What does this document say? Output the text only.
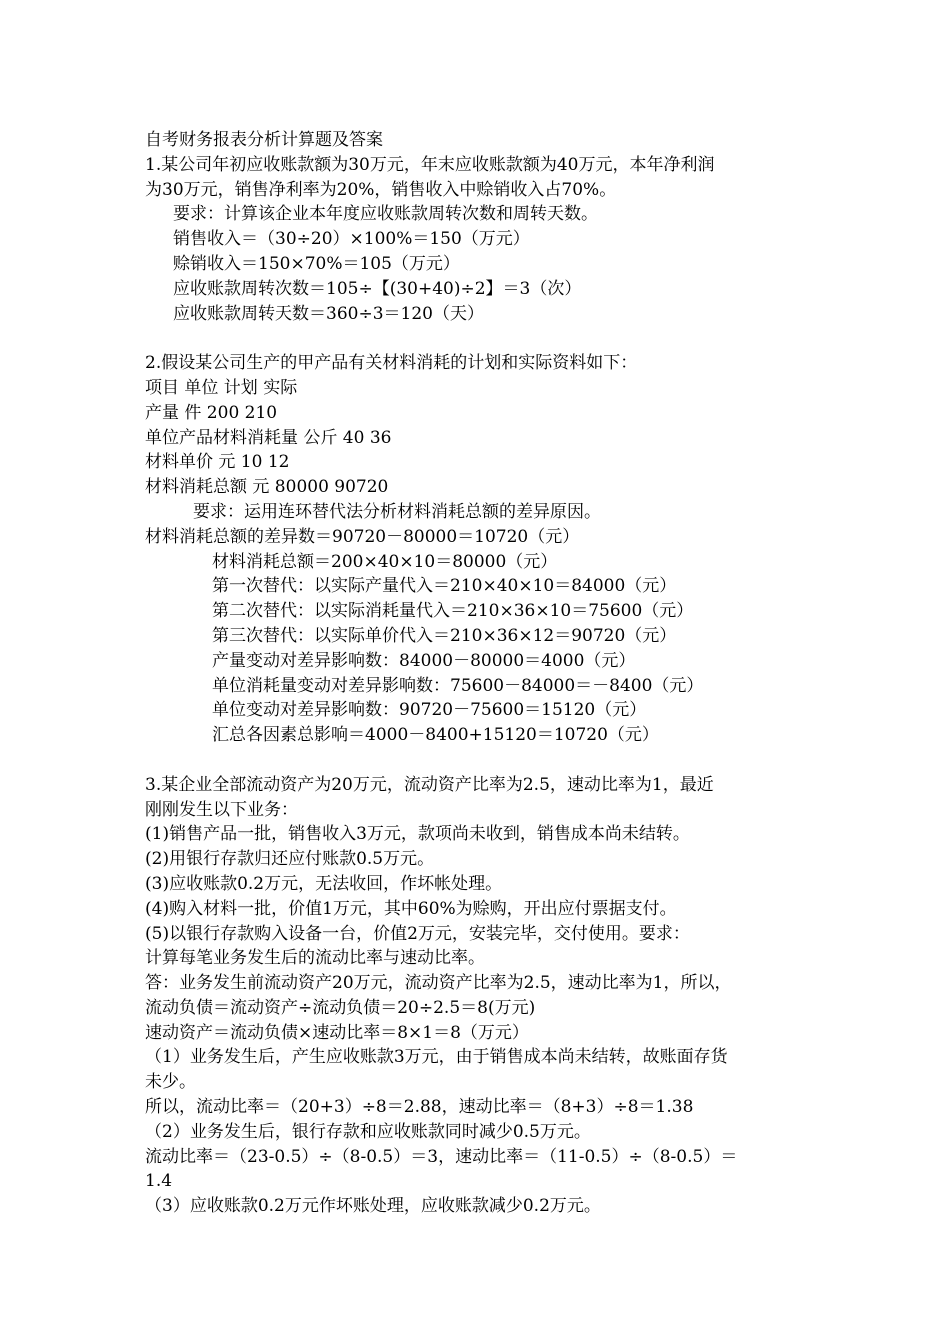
自考财务报表分析计算题及答案
1.某公司年初应收账款额为30万元，年末应收账款额为40万元，本年净利润
为30万元，销售净利率为20%，销售收入中赊销收入占70%。
要求：计算该企业本年度应收账款周转次数和周转天数。
销售收入＝（30÷20）×100%＝150（万元）
赊销收入＝150×70%＝105（万元）
应收账款周转次数＝105÷【(30+40)÷2】＝3（次）
应收账款周转天数＝360÷3＝120（天）
2.假设某公司生产的甲产品有关材料消耗的计划和实际资料如下：
项目 单位 计划 实际
产量 件 200 210
单位产品材料消耗量 公斤 40 36
材料单价 元 10 12
材料消耗总额 元 80000 90720
要求：运用连环替代法分析材料消耗总额的差异原因。
材料消耗总额的差异数＝90720－80000＝10720（元）
材料消耗总额＝200×40×10＝80000（元）
第一次替代：以实际产量代入＝210×40×10＝84000（元）
第二次替代：以实际消耗量代入＝210×36×10＝75600（元）
第三次替代：以实际单价代入＝210×36×12＝90720（元）
产量变动对差异影响数：84000－80000＝4000（元）
单位消耗量变动对差异影响数：75600－84000＝－8400（元）
单位变动对差异影响数：90720－75600＝15120（元）
汇总各因素总影响＝4000－8400+15120＝10720（元）
3.某企业全部流动资产为20万元，流动资产比率为2.5，速动比率为1，最近
刚刚发生以下业务：
(1)销售产品一批，销售收入3万元，款项尚未收到，销售成本尚未结转。
(2)用银行存款归还应付账款0.5万元。
(3)应收账款0.2万元，无法收回，作坏帐处理。
(4)购入材料一批，价值1万元，其中60%为赊购，开出应付票据支付。
(5)以银行存款购入设备一台，价值2万元，安装完毕，交付使用。要求：
计算每笔业务发生后的流动比率与速动比率。
答：业务发生前流动资产20万元，流动资产比率为2.5，速动比率为1，所以，
流动负债＝流动资产÷流动负债＝20÷2.5＝8(万元)
速动资产＝流动负债×速动比率＝8×1＝8（万元）
（1）业务发生后，产生应收账款3万元，由于销售成本尚未结转，故账面存货
未少。
所以，流动比率＝（20+3）÷8＝2.88，速动比率＝（8+3）÷8＝1.38
（2）业务发生后，银行存款和应收账款同时减少0.5万元。
流动比率＝（23-0.5）÷（8-0.5）＝3，速动比率＝（11-0.5）÷（8-0.5）＝
1.4
（3）应收账款0.2万元作坏账处理，应收账款减少0.2万元。
